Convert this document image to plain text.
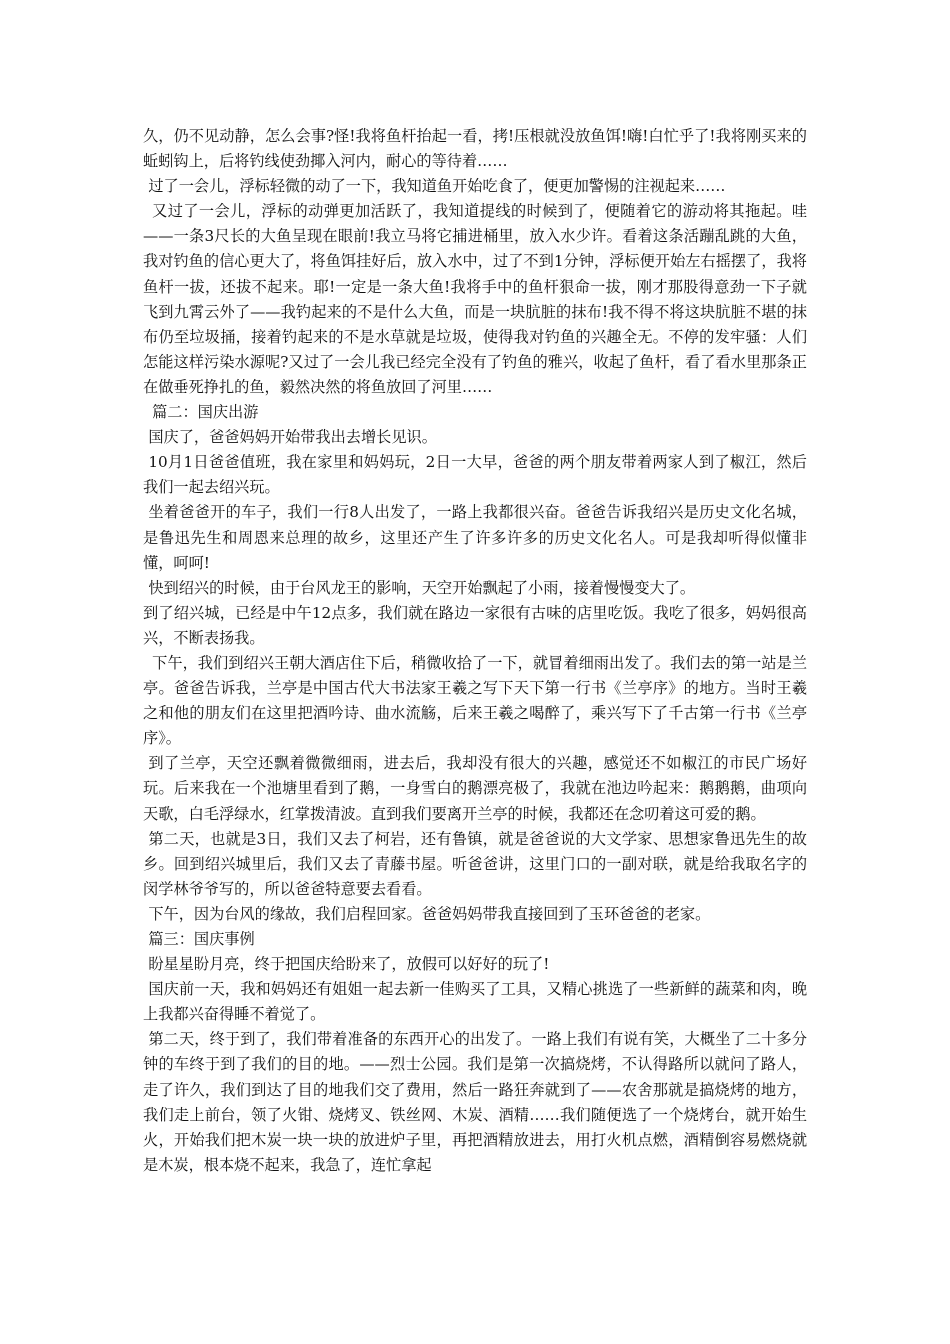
久，仍不见动静，怎么会事?怪!我将鱼杆抬起一看，拷!压根就没放鱼饵!嗨!白忙乎了!我将刚买来的蚯蚓钩上，后将钓线使劲揶入河内，耐心的等待着……

过了一会儿，浮标轻微的动了一下，我知道鱼开始吃食了，便更加警惕的注视起来……

又过了一会儿，浮标的动弹更加活跃了，我知道提线的时候到了，便随着它的游动将其拖起。哇——一条3尺长的大鱼呈现在眼前!我立马将它捕进桶里，放入水少许。看着这条活蹦乱跳的大鱼，我对钓鱼的信心更大了，将鱼饵挂好后，放入水中，过了不到1分钟，浮标便开始左右摇摆了，我将鱼杆一拔，还拔不起来。耶!一定是一条大鱼!我将手中的鱼杆狠命一拔，刚才那股得意劲一下子就飞到九霄云外了——我钓起来的不是什么大鱼，而是一块肮脏的抹布!我不得不将这块肮脏不堪的抹布仍至垃圾捅，接着钓起来的不是水草就是垃圾，使得我对钓鱼的兴趣全无。不停的发牢骚：人们怎能这样污染水源呢?又过了一会儿我已经完全没有了钓鱼的雅兴，收起了鱼杆，看了看水里那条正在做垂死挣扎的鱼，毅然决然的将鱼放回了河里……

篇二：国庆出游

国庆了，爸爸妈妈开始带我出去增长见识。

10月1日爸爸值班，我在家里和妈妈玩，2日一大早，爸爸的两个朋友带着两家人到了椒江，然后我们一起去绍兴玩。

坐着爸爸开的车子，我们一行8人出发了，一路上我都很兴奋。爸爸告诉我绍兴是历史文化名城，是鲁迅先生和周恩来总理的故乡，这里还产生了许多许多的历史文化名人。可是我却听得似懂非懂，呵呵!

快到绍兴的时候，由于台风龙王的影响，天空开始飘起了小雨，接着慢慢变大了。

到了绍兴城，已经是中午12点多，我们就在路边一家很有古味的店里吃饭。我吃了很多，妈妈很高兴，不断表扬我。

下午，我们到绍兴王朝大酒店住下后，稍微收拾了一下，就冒着细雨出发了。我们去的第一站是兰亭。爸爸告诉我，兰亭是中国古代大书法家王羲之写下天下第一行书《兰亭序》的地方。当时王羲之和他的朋友们在这里把酒吟诗、曲水流觞，后来王羲之喝醉了，乘兴写下了千古第一行书《兰亭序》。

到了兰亭，天空还飘着微微细雨，进去后，我却没有很大的兴趣，感觉还不如椒江的市民广场好玩。后来我在一个池塘里看到了鹅，一身雪白的鹅漂亮极了，我就在池边吟起来：鹅鹅鹅，曲项向天歌，白毛浮绿水，红掌拨清波。直到我们要离开兰亭的时候，我都还在念叨着这可爱的鹅。

第二天，也就是3日，我们又去了柯岩，还有鲁镇，就是爸爸说的大文学家、思想家鲁迅先生的故乡。回到绍兴城里后，我们又去了青藤书屋。听爸爸讲，这里门口的一副对联，就是给我取名字的闵学林爷爷写的，所以爸爸特意要去看看。

下午，因为台风的缘故，我们启程回家。爸爸妈妈带我直接回到了玉环爸爸的老家。

篇三：国庆事例

盼星星盼月亮，终于把国庆给盼来了，放假可以好好的玩了!

国庆前一天，我和妈妈还有姐姐一起去新一佳购买了工具，又精心挑选了一些新鲜的蔬菜和肉，晚上我都兴奋得睡不着觉了。

第二天，终于到了，我们带着准备的东西开心的出发了。一路上我们有说有笑，大概坐了二十多分钟的车终于到了我们的目的地。——烈士公园。我们是第一次搞烧烤，不认得路所以就问了路人，走了许久，我们到达了目的地我们交了费用，然后一路狂奔就到了——农舍那就是搞烧烤的地方，我们走上前台，领了火钳、烧烤叉、铁丝网、木炭、酒精……我们随便选了一个烧烤台，就开始生火，开始我们把木炭一块一块的放进炉子里，再把酒精放进去，用打火机点燃，酒精倒容易燃烧就是木炭，根本烧不起来，我急了，连忙拿起
